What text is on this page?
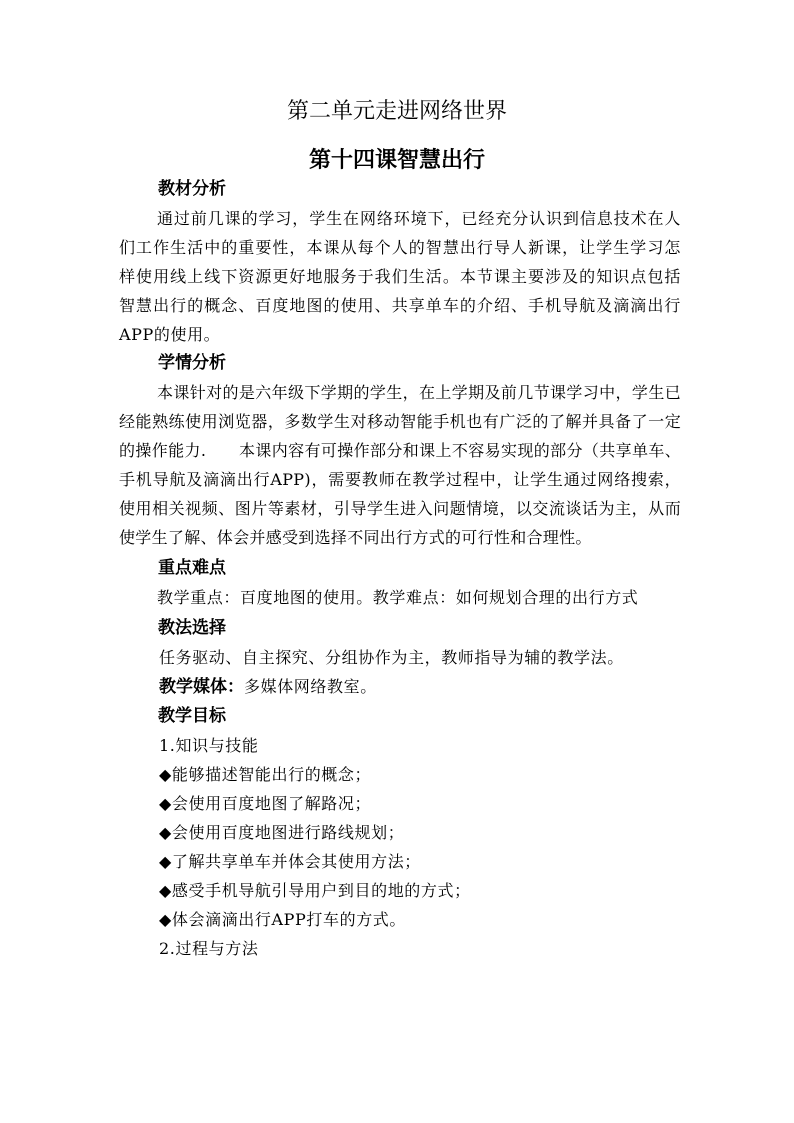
第二单元走进网络世界
第十四课智慧出行

教材分析

通过前几课的学习，学生在网络环境下，已经充分认识到信息技术在人们工作生活中的重要性，本课从每个人的智慧出行导人新课，让学生学习怎样使用线上线下资源更好地服务于我们生活。本节课主要涉及的知识点包括智慧出行的概念、百度地图的使用、共享单车的介绍、手机导航及滴滴出行APP的使用。

学情分析

本课针对的是六年级下学期的学生，在上学期及前几节课学习中，学生已经能熟练使用浏览器，多数学生对移动智能手机也有广泛的了解并具备了一定的操作能力.　　本课内容有可操作部分和课上不容易实现的部分（共享单车、手机导航及滴滴出行APP)，需要教师在教学过程中，让学生通过网络搜索，使用相关视频、图片等素材，引导学生进入问题情境，以交流谈话为主，从而使学生了解、体会并感受到选择不同出行方式的可行性和合理性。

重点难点

教学重点：百度地图的使用。教学难点：如何规划合理的出行方式

教法选择

任务驱动、自主探究、分组协作为主，教师指导为辅的教学法。

教学媒体：多媒体网络教室。

教学目标

1.知识与技能

◆能够描述智能出行的概念；

◆会使用百度地图了解路况；

◆会使用百度地图进行路线规划；

◆了解共享单车并体会其使用方法；

◆感受手机导航引导用户到目的地的方式；

◆体会滴滴出行APP打车的方式。

2.过程与方法
